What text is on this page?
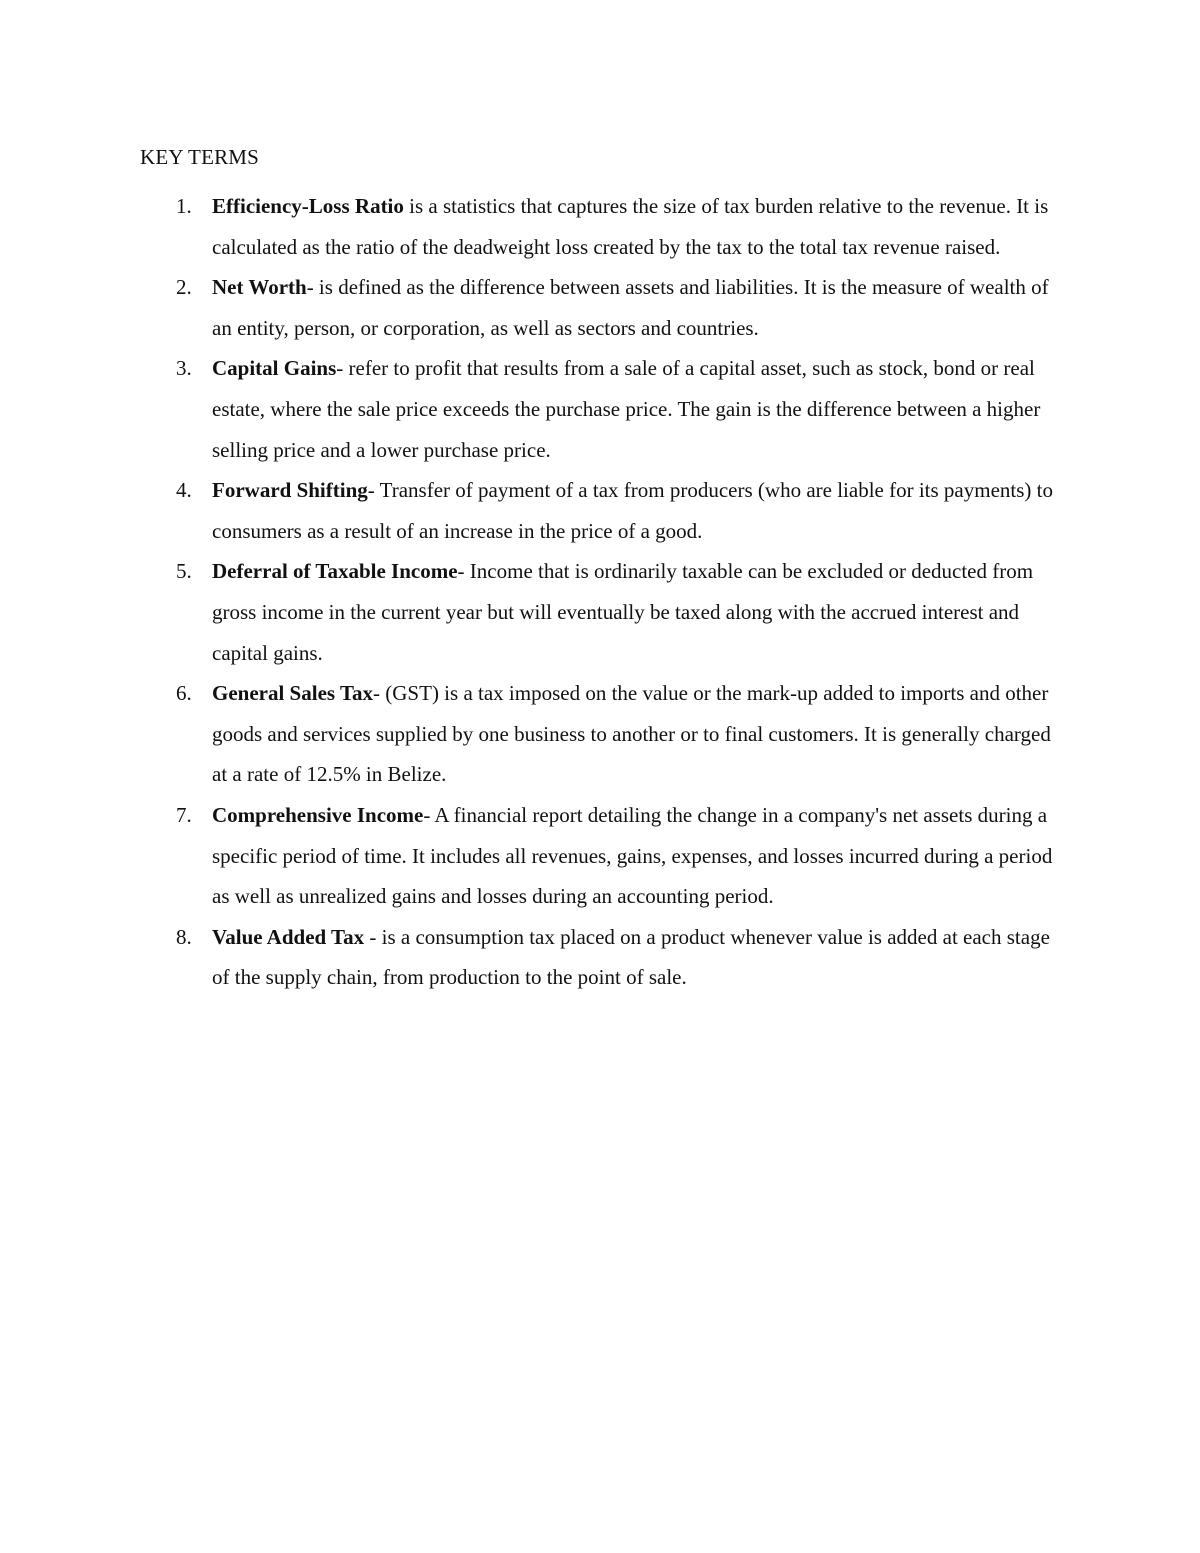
KEY TERMS
1. Efficiency-Loss Ratio is a statistics that captures the size of tax burden relative to the revenue. It is calculated as the ratio of the deadweight loss created by the tax to the total tax revenue raised.
2. Net Worth- is defined as the difference between assets and liabilities. It is the measure of wealth of an entity, person, or corporation, as well as sectors and countries.
3. Capital Gains- refer to profit that results from a sale of a capital asset, such as stock, bond or real estate, where the sale price exceeds the purchase price. The gain is the difference between a higher selling price and a lower purchase price.
4. Forward Shifting- Transfer of payment of a tax from producers (who are liable for its payments) to consumers as a result of an increase in the price of a good.
5. Deferral of Taxable Income- Income that is ordinarily taxable can be excluded or deducted from gross income in the current year but will eventually be taxed along with the accrued interest and capital gains.
6. General Sales Tax- (GST) is a tax imposed on the value or the mark-up added to imports and other goods and services supplied by one business to another or to final customers. It is generally charged at a rate of 12.5% in Belize.
7. Comprehensive Income- A financial report detailing the change in a company's net assets during a specific period of time. It includes all revenues, gains, expenses, and losses incurred during a period as well as unrealized gains and losses during an accounting period.
8. Value Added Tax - is a consumption tax placed on a product whenever value is added at each stage of the supply chain, from production to the point of sale.
